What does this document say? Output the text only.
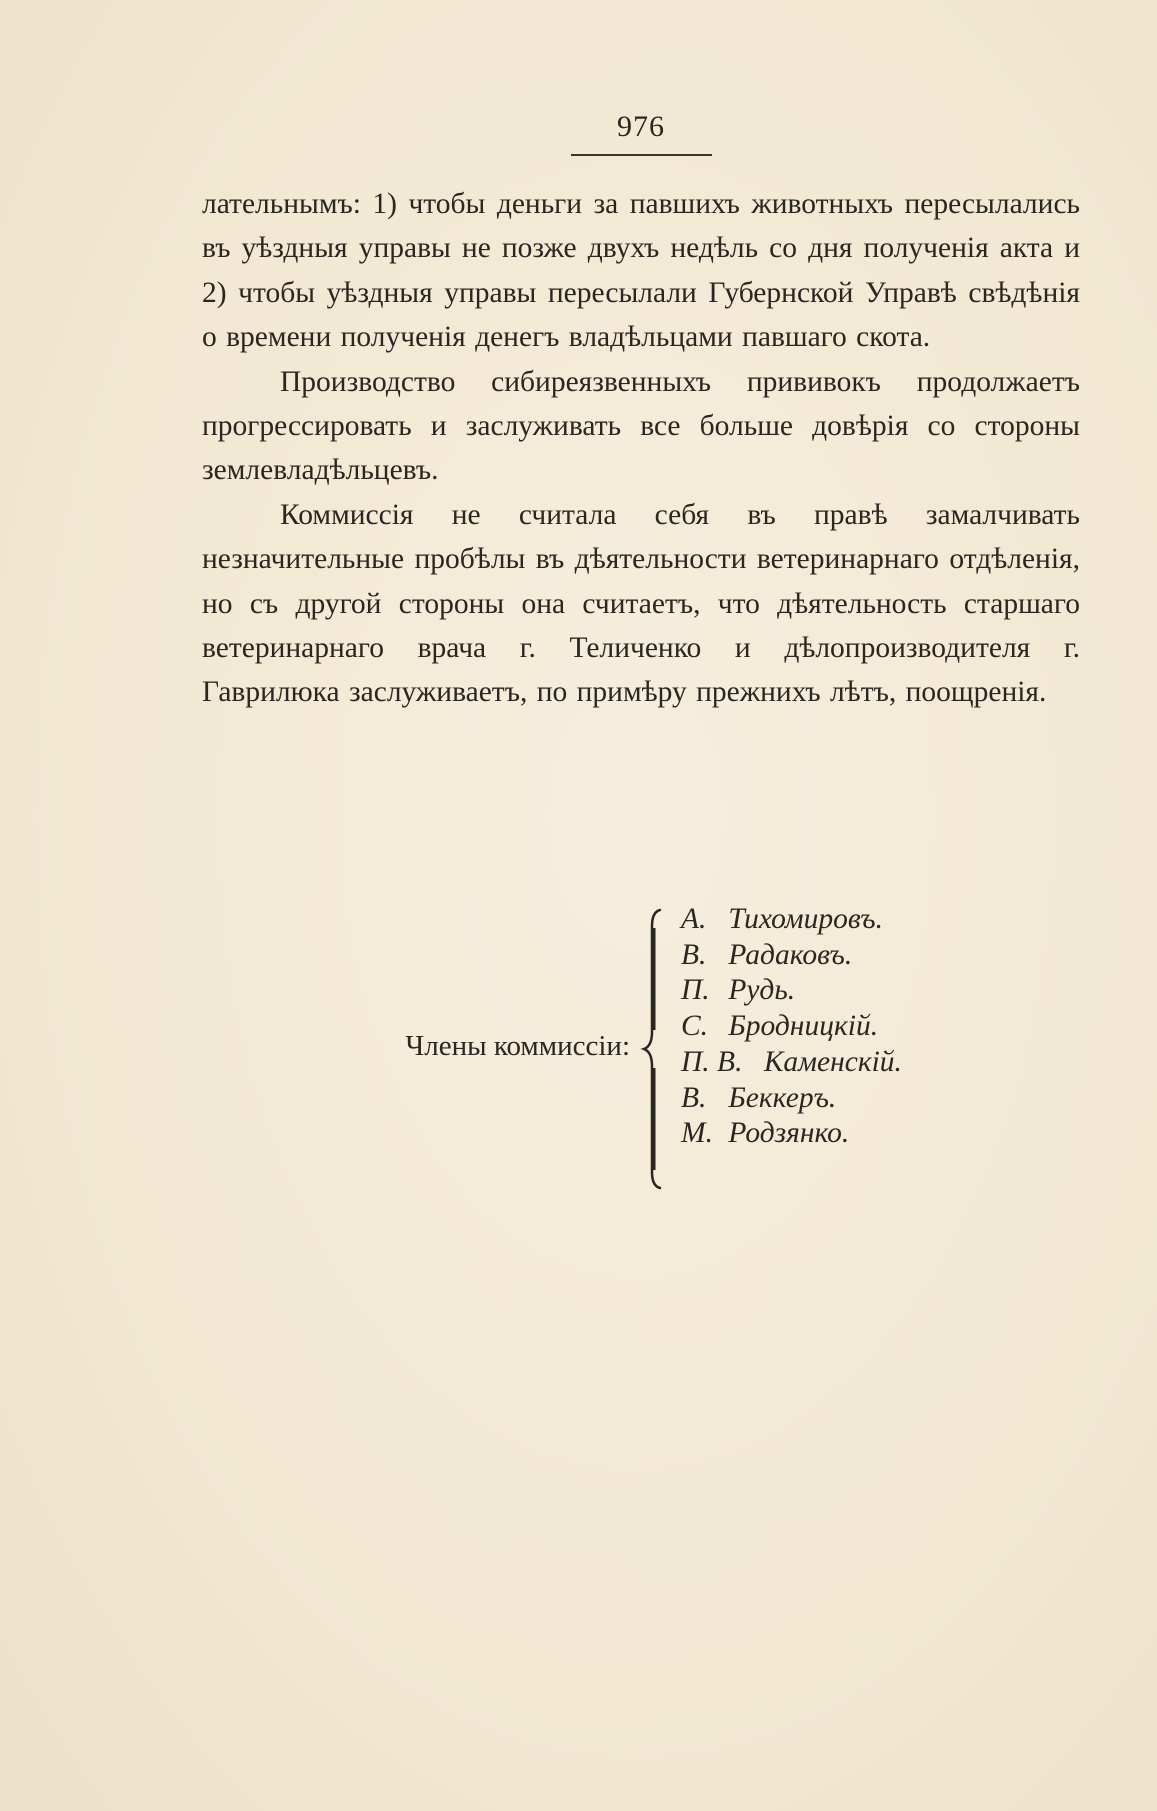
976

лательнымъ: 1) чтобы деньги за павшихъ животныхъ пересылались въ уѣздныя управы не позже двухъ недѣль со дня полученія акта и 2) чтобы уѣздныя управы пересылали Губернской Управѣ свѣдѣнія о времени полученія денегъ владѣльцами павшаго скота.

Производство сибиреязвенныхъ прививокъ продолжаетъ прогрессировать и заслуживать все больше довѣрія со стороны землевладѣльцевъ.

Коммиссія не считала себя въ правѣ замалчивать незначительные пробѣлы въ дѣятельности ветеринарнаго отдѣленія, но съ другой стороны она считаетъ, что дѣятельность старшаго ветеринарнаго врача г. Теличенко и дѣлопроизводителя г. Гаврилюка заслуживаетъ, по примѣру прежнихъ лѣтъ, поощренія.

Члены коммиссіи:
А. Тихомировъ.
В. Радаковъ.
П. Рудь.
С. Бродницкій.
П. В. Каменскій.
В. Беккеръ.
М. Родзянко.
